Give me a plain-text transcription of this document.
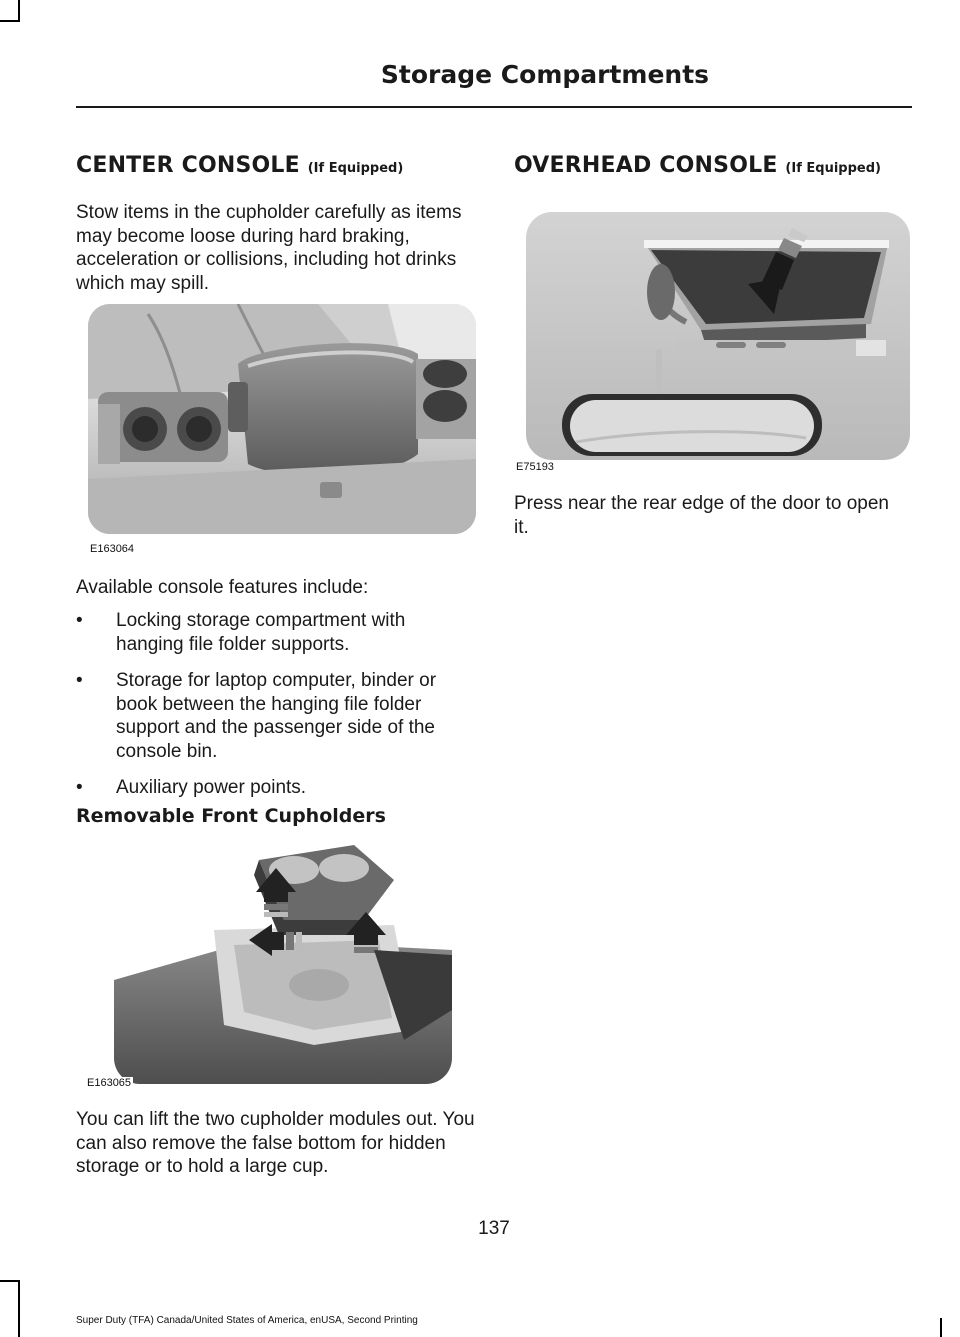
Storage Compartments
CENTER CONSOLE (If Equipped)

Stow items in the cupholder carefully as items may become loose during hard braking, acceleration or collisions, including hot drinks which may spill.

E163064

Available console features include:

• Locking storage compartment with hanging file folder supports.
• Storage for laptop computer, binder or book between the hanging file folder support and the passenger side of the console bin.
• Auxiliary power points.
Removable Front Cupholders
E163065

You can lift the two cupholder modules out. You can also remove the false bottom for hidden storage or to hold a large cup.

OVERHEAD CONSOLE (If Equipped)
E75193

Press near the rear edge of the door to open it.

137
Super Duty (TFA) Canada/United States of America, enUSA, Second Printing
